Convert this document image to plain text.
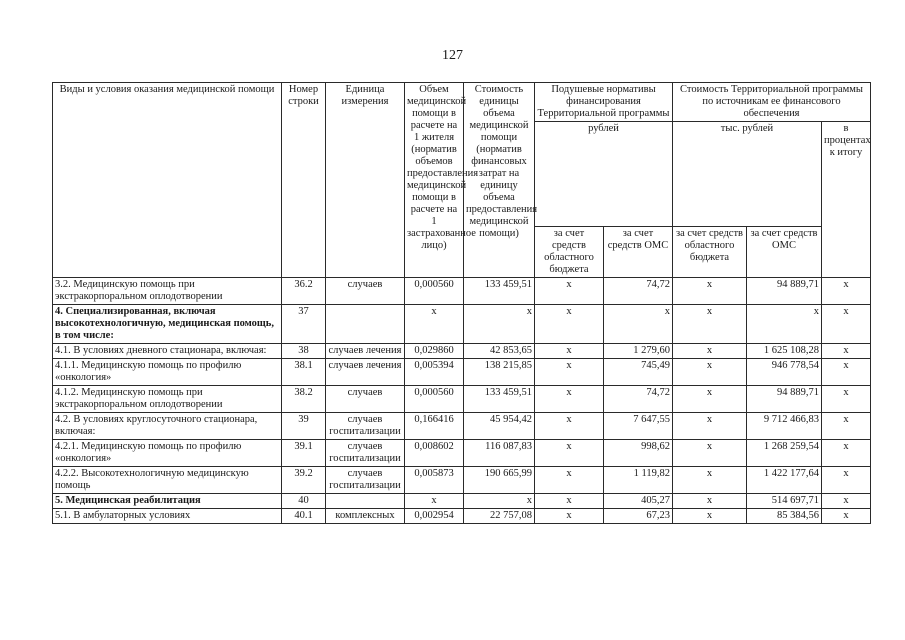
127
Виды и условия оказания медицинской помощи	Номер строки	Единица измерения	Объем медицинской помощи в расчете на 1 жителя (норматив объемов предоставления медицинской помощи в расчете на 1 застрахованное лицо)	Стоимость единицы объема медицинской помощи (норматив финансовых затрат на единицу объема предоставления медицинской помощи)	Подушевые нормативы финансирования Территориальной программы		Стоимость Территориальной программы по источникам ее финансового обеспечения		
					рублей		тыс. рублей		в процентах к итогу
					за счет средств областного бюджета	за счет средств ОМС	за счет средств областного бюджета	за счет средств ОМС	
3.2. Медицинскую помощь при экстракорпоральном оплодотворении	36.2	случаев	0,000560	133 459,51	x	74,72	x	94 889,71	x
4. Специализированная, включая высокотехнологичную, медицинская помощь, в том числе:	37		x	x	x	x	x	x	x
4.1. В условиях дневного стационара, включая:	38	случаев лечения	0,029860	42 853,65	x	1 279,60	x	1 625 108,28	x
4.1.1. Медицинскую помощь по профилю «онкология»	38.1	случаев лечения	0,005394	138 215,85	x	745,49	x	946 778,54	x
4.1.2. Медицинскую помощь при экстракорпоральном оплодотворении	38.2	случаев	0,000560	133 459,51	x	74,72	x	94 889,71	x
4.2. В условиях круглосуточного стационара, включая:	39	случаев госпитализации	0,166416	45 954,42	x	7 647,55	x	9 712 466,83	x
4.2.1. Медицинскую помощь по профилю «онкология»	39.1	случаев госпитализации	0,008602	116 087,83	x	998,62	x	1 268 259,54	x
4.2.2. Высокотехнологичную медицинскую помощь	39.2	случаев госпитализации	0,005873	190 665,99	x	1 119,82	x	1 422 177,64	x
5. Медицинская реабилитация	40		x	x	x	405,27	x	514 697,71	x
5.1. В амбулаторных условиях	40.1	комплексных	0,002954	22 757,08	x	67,23	x	85 384,56	x
